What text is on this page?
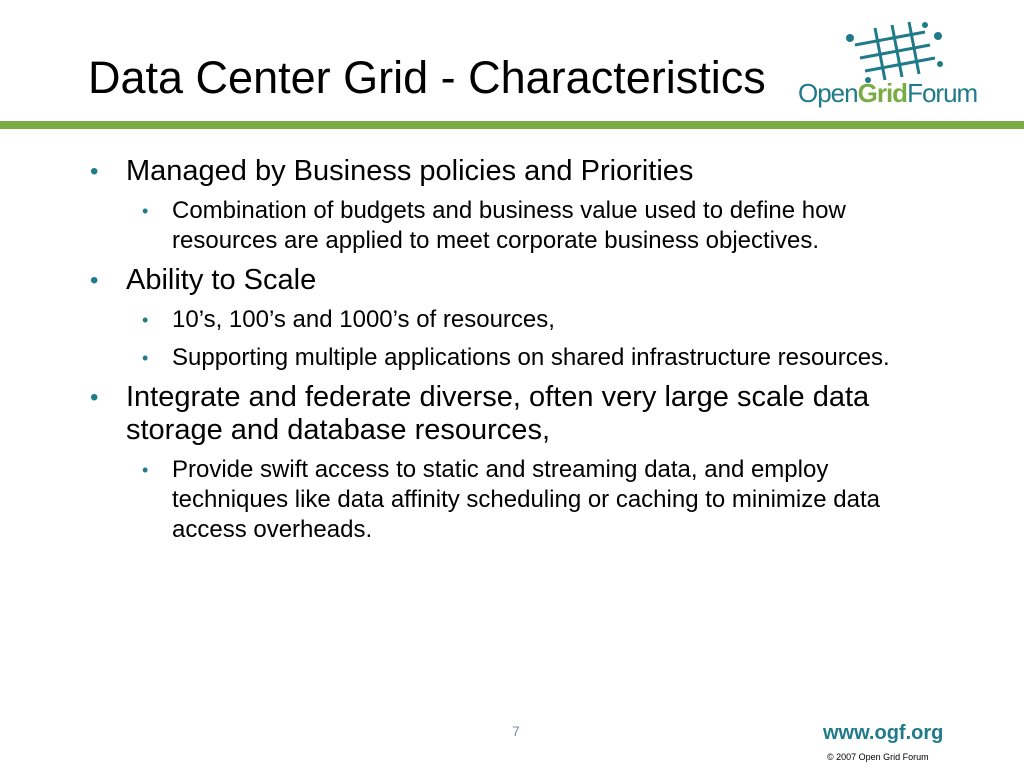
Data Center Grid - Characteristics OpenGridForum
• Managed by Business policies and Priorities
• Combination of budgets and business value used to define how resources are applied to meet corporate business objectives.
• Ability to Scale
• 10’s, 100’s and 1000’s of resources,
• Supporting multiple applications on shared infrastructure resources.
• Integrate and federate diverse, often very large scale data storage and database resources,
• Provide swift access to static and streaming data, and employ techniques like data affinity scheduling or caching to minimize data access overheads.
7	www.ogf.org
© 2007 Open Grid Forum
